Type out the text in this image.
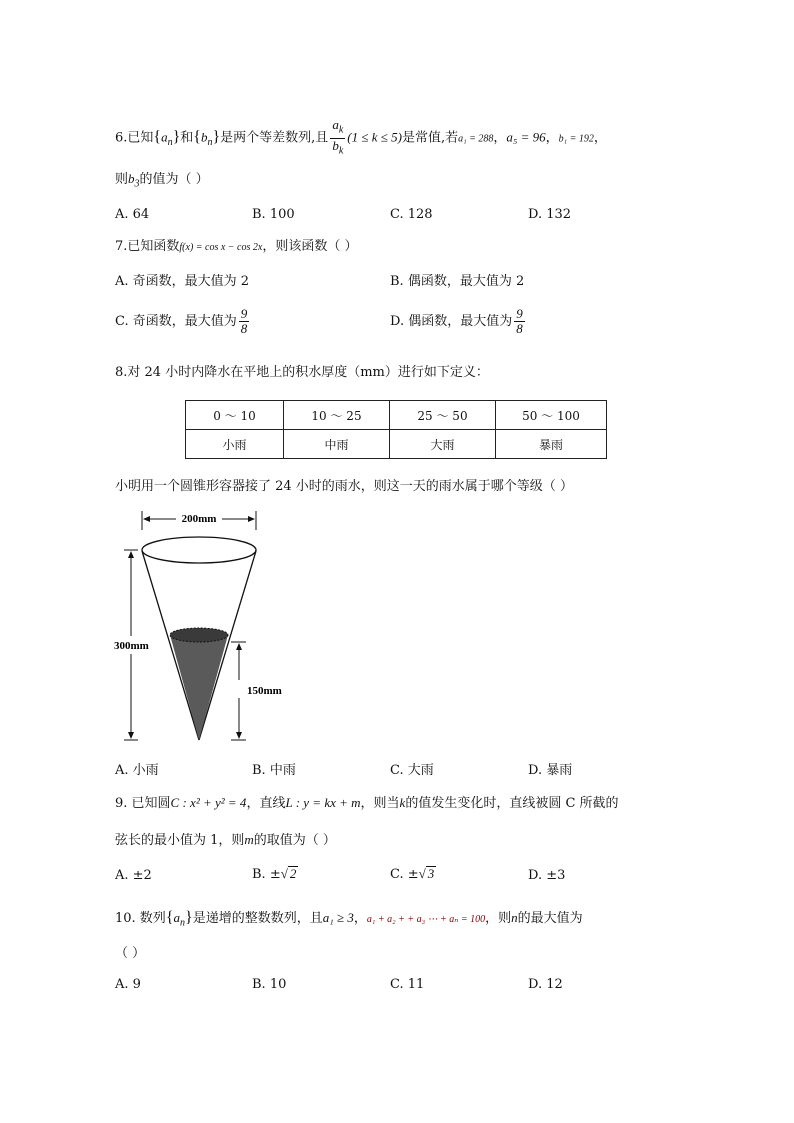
6.已知$\{a_n\}$和$\{b_n\}$是两个等差数列,且 $\frac{a_k}{b_k} (1 \le k \le 5)$是常值,若a₁ = 288，a₅ = 96，b₁ = 192，
则$b_3$的值为（ ）
A. 64	B. 100	C. 128	D. 132
7.已知函数f(x) = cos x − cos 2x，则该函数（ ）
A. 奇函数，最大值为 2	B. 偶函数，最大值为 2
C. 奇函数，最大值为 $\frac{9}{8}$	D. 偶函数，最大值为 $\frac{9}{8}$
8.对 24 小时内降水在平地上的积水厚度（mm）进行如下定义：
0 ～ 10	10 ～ 25	25 ～ 50	50 ～ 100
小雨	中雨	大雨	暴雨
小明用一个圆锥形容器接了 24 小时的雨水，则这一天的雨水属于哪个等级（ ）
200mm
300mm
150mm
A. 小雨	B. 中雨	C. 大雨	D. 暴雨
9. 已知圆C : x² + y² = 4，直线L : y = kx + m，则当k的值发生变化时，直线被圆 C 所截的
弦长的最小值为 1，则m的取值为（ ）
A. ±2	B. ±√ 2	C. ±√ 3	D. ±3
10. 数列$\{a_n\}$是递增的整数数列，且a₁ ≥ 3，a₁ + a₂ + + a₃ ⋯ + aₙ = 100，则n的最大值为
（ ）
A. 9	B. 10	C. 11	D. 12
